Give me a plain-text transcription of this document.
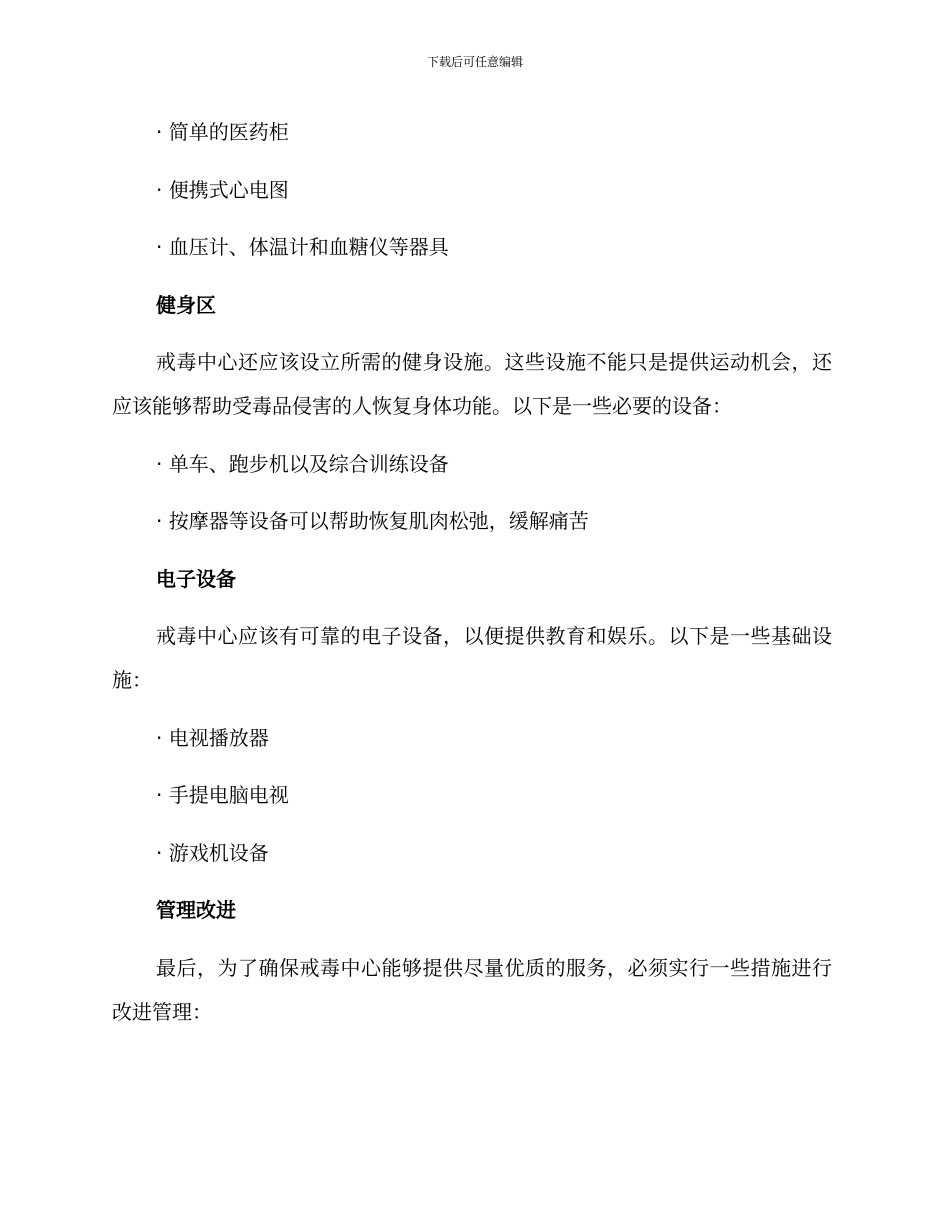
下载后可任意编辑

· 简单的医药柜

· 便携式心电图

· 血压计、体温计和血糖仪等器具

健身区

戒毒中心还应该设立所需的健身设施。这些设施不能只是提供运动机会，还应该能够帮助受毒品侵害的人恢复身体功能。以下是一些必要的设备：

· 单车、跑步机以及综合训练设备

· 按摩器等设备可以帮助恢复肌肉松弛，缓解痛苦

电子设备

戒毒中心应该有可靠的电子设备，以便提供教育和娱乐。以下是一些基础设施：

· 电视播放器

· 手提电脑电视

· 游戏机设备

管理改进

最后，为了确保戒毒中心能够提供尽量优质的服务，必须实行一些措施进行改进管理：
